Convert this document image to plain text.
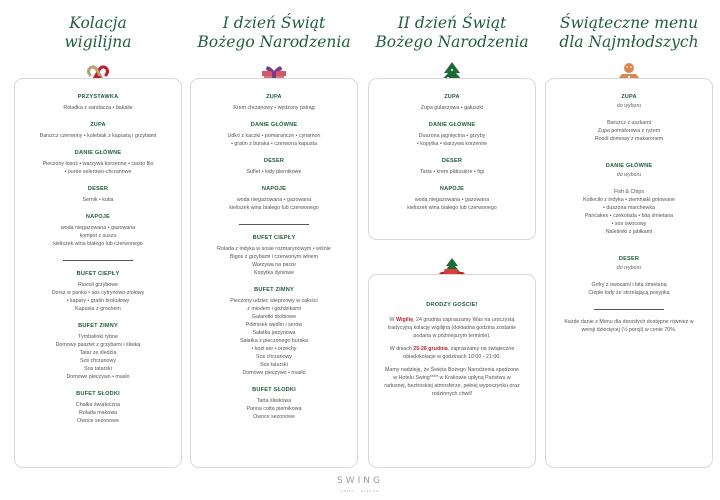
Kolacja
wigilijna
PRZYSTAWKA
Roladka z sandacza • bakalie
ZUPA
Barszcz czerwony • kulebiak z kapustą i grzybami
DANIE GŁÓWNE
Pieczony łosoś • warzywa korzenne • ciasto filo
• purée selerowo-chrzanowe
DESER
Sernik • kutia
NAPOJE
woda niegazowana • gazowana
kompot z suszu
kieliszek wina białego lub czerwonego
BUFET CIEPŁY
Ravioli grzybowe
Dorsz w panko • sos cytrynowo-ziołowy
• kapary • gratin brokułowy
Kapusta z grochem
BUFET ZIMNY
Tymbalinki rybne
Domowy pasztet z grzybami i śliwką
Tatar ze śledzia
Sos chrzanowy
Sos tatarski
Domowe pieczywo • masło
BUFET SŁODKI
Chałka świąteczna
Rolada makowa
Owoce sezonowe
I dzień Świąt
Bożego Narodzenia
ZUPA
Krem chrzanowy • wędzony pstrąg
DANIE GŁÓWNE
Udko z kaczki • pomarańcze • cynamon
• gratin z buraka • czerwona kapusta
DESER
Suflet • lody piernikowe
NAPOJE
woda niegazowana • gazowana
kieliszek wina białego lub czerwonego
BUFET CIEPŁY
Rolada z indyka w sosie rozmarynowym • wiśnie
Bigos z grzybami i czerwonym winem
Warzywa na parze
Kopytka dyniowe
BUFET ZIMNY
Pieczony udziec wieprzowy w całości
z miodem i goździkami
Galaretki drobiowe
Półmisek wędlin i serów
Sałatka jarzynowa
Sałatka z pieczonego buraka
• kozi ser • orzechy
Sos chrzanowy
Sos tatarski
Domowe pieczywo • masło
BUFET SŁODKI
Tarta śliwkowa
Panna cotta piernikowa
Owoce sezonowe
II dzień Świąt
Bożego Narodzenia
ZUPA
Zupa gulaszowa • gałuszki
DANIE GŁÓWNE
Duszona jagnięcina • grzyby
• kopytka • warzywa korzenne
DESER
Tarta • krem pâtissière • figi
NAPOJE
woda niegazowana • gazowana
kieliszek wina białego lub czerwonego
DRODZY GOŚCIE!

W Wigilię, 24 grudnia zapraszamy Was na uroczystą tradycyjną kolację wigilijną (dokładna godzina zostanie podana w późniejszym terminie).

W dniach 25-26 grudnia, zapraszamy na świąteczne obiadokolacje w godzinach 16:00 - 21:00.

Mamy nadzieję, że Święta Bożego Narodzenia spędzone w Hotelu Swing**** w Krakowie upłyną Państwu w radosnej, beztroskiej atmosferze, pełnej wypoczynku oraz rodzinnych chwil!

Świąteczne menu
dla Najmłodszych
ZUPA
do wyboru
Barszcz z uszkami
Zupa pomidorowa z ryżem
Rosół domowy z makaronem
DANIE GŁÓWNE
do wyboru
Fish & Chips
Kotleciki z indyka • ziemniaki gotowane
• duszona marchewka
Pancakes • czekolada • bita śmietana
• sos owocowy
Naleśniki z jabłkami
DESER
do wyboru
Gofry z owocami i bitą śmietaną
Ciepłe lody ze strzelającą posypką

Każde danie z Menu dla dorosłych dostępne również w wersji dziecięcej (½ porcji) w cenie 70%.

SWING
hotel · kraków
